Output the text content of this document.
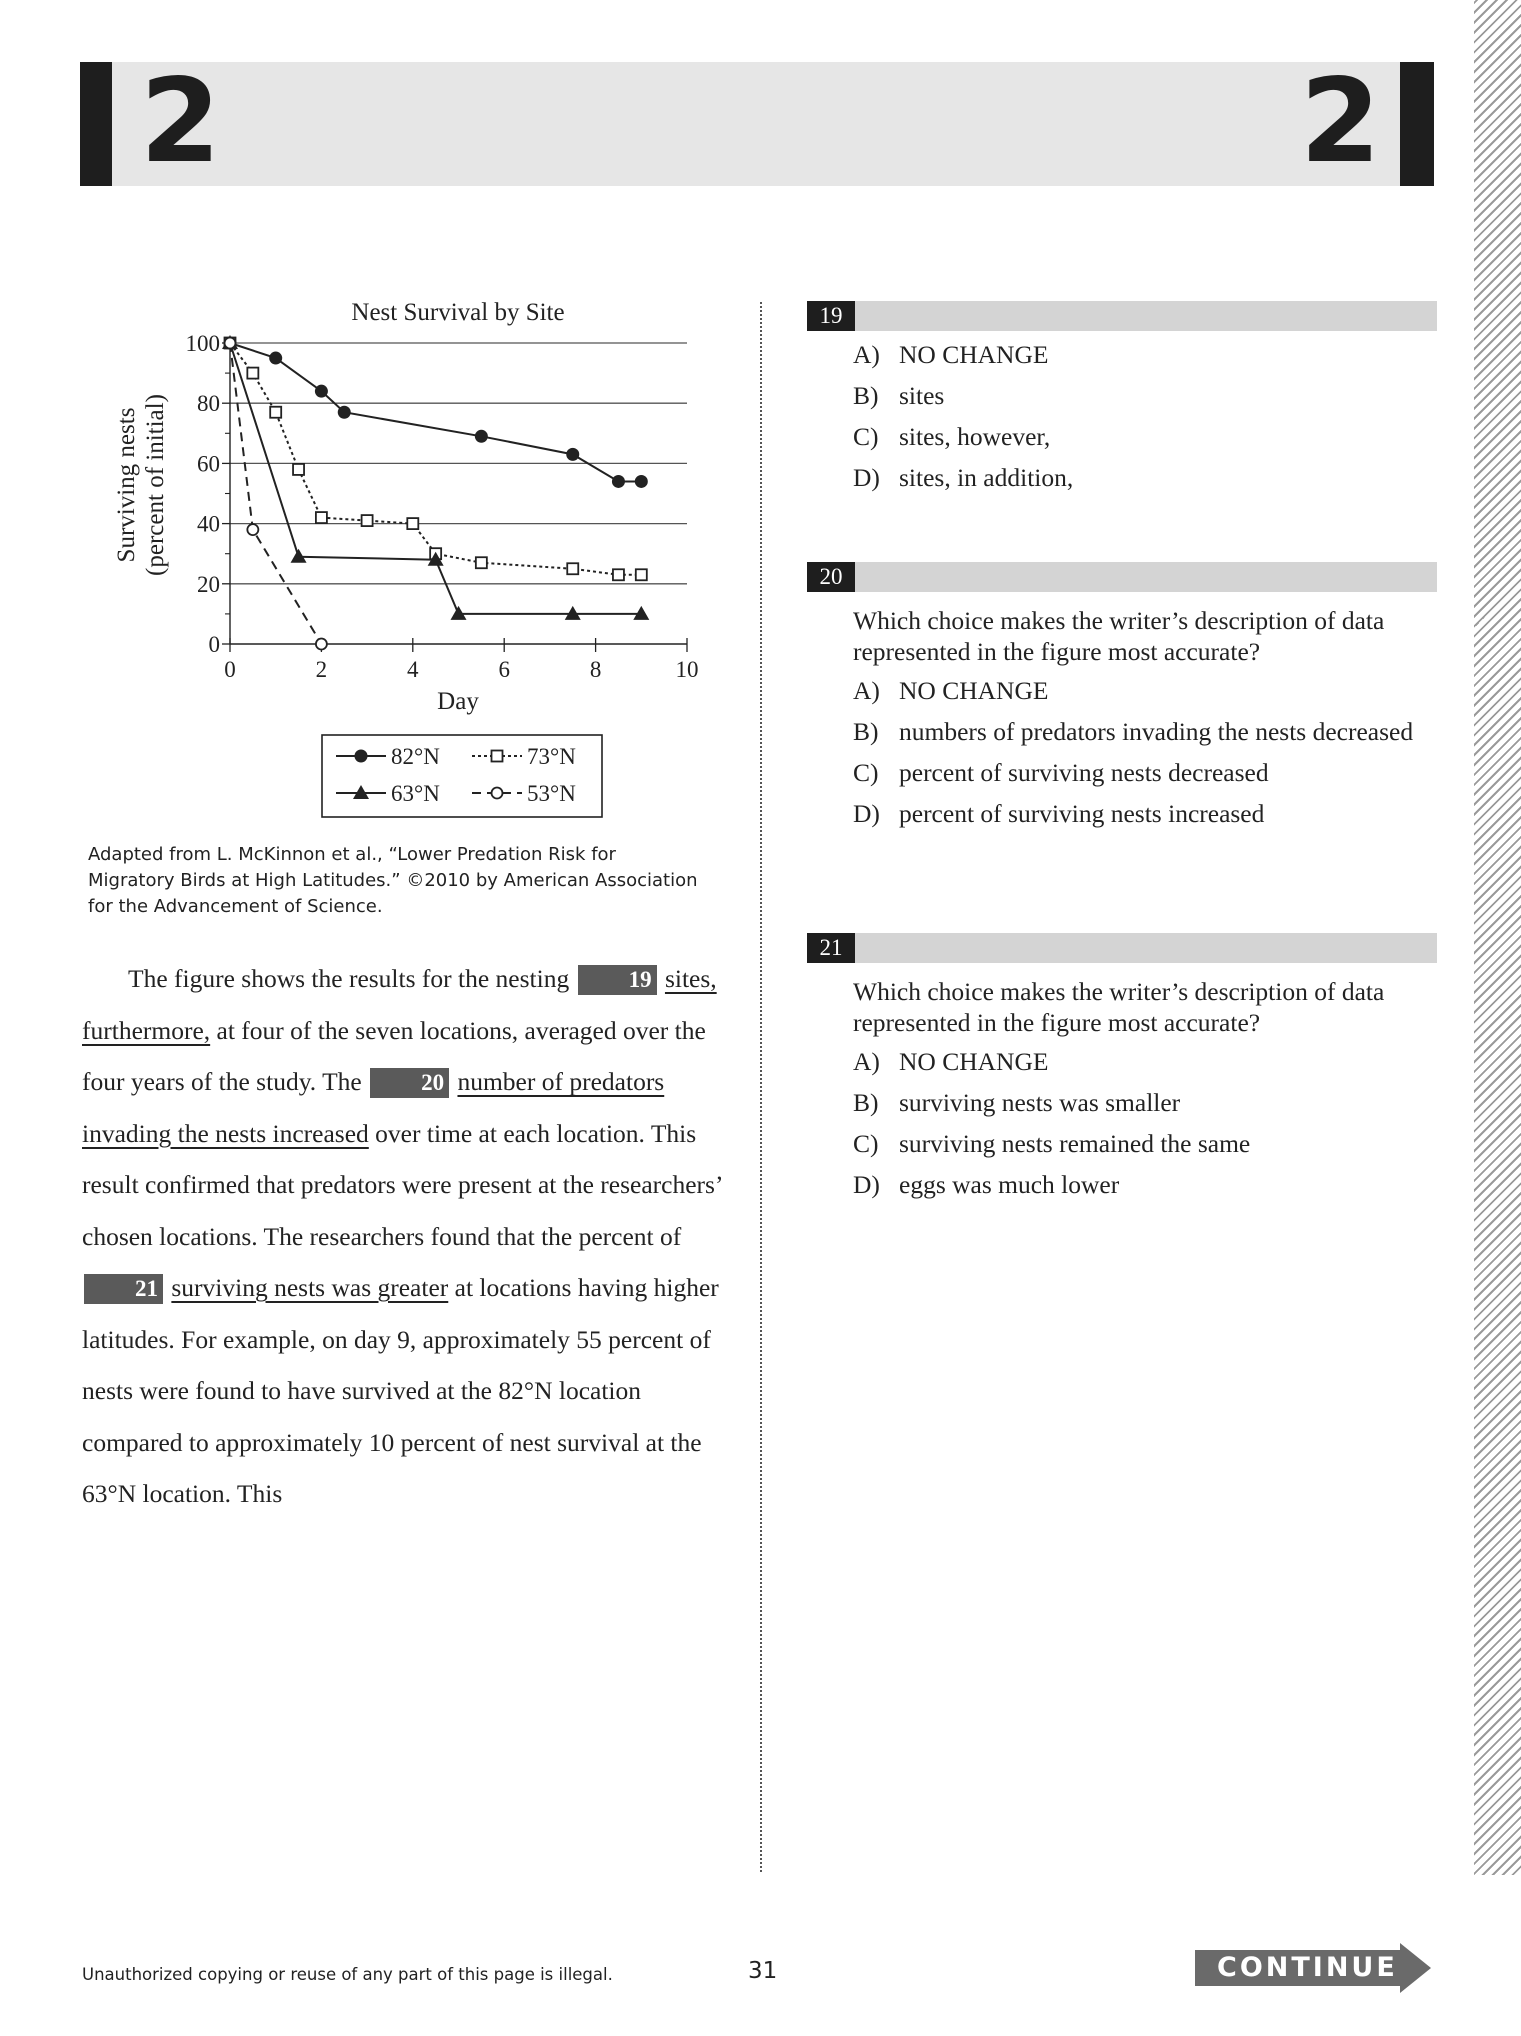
2	2
Nest Survival by Site
0	2	4	6	8	10
0
20
40
60
80
100
Day
Surviving nests (percent of initial)
82°N	73°N
63°N	53°N
Adapted from L. McKinnon et al., “Lower Predation Risk for Migratory Birds at High Latitudes.” ©2010 by American Association for the Advancement of Science.

The figure shows the results for the nesting	19 sites, furthermore, at four of the seven locations, averaged over the four years of the study. The	20 number of predators invading the nests increased over time at each location. This result confirmed that predators were present at the researchers’ chosen locations. The researchers found that the percent of 21 surviving nests was greater at locations having higher latitudes. For example, on day 9, approximately 55 percent of nests were found to have survived at the 82°N location compared to approximately 10 percent of nest survival at the 63°N location. This

19
A) NO CHANGE
B) sites
C) sites, however,
D) sites, in addition,
20
Which choice makes the writer’s description of data represented in the figure most accurate?
A) NO CHANGE
B) numbers of predators invading the nests decreased
C) percent of surviving nests decreased
D) percent of surviving nests increased
21
Which choice makes the writer’s description of data represented in the figure most accurate?
A) NO CHANGE
B) surviving nests was smaller
C) surviving nests remained the same
D) eggs was much lower
Unauthorized copying or reuse of any part of this page is illegal.	31	CONTINUE
